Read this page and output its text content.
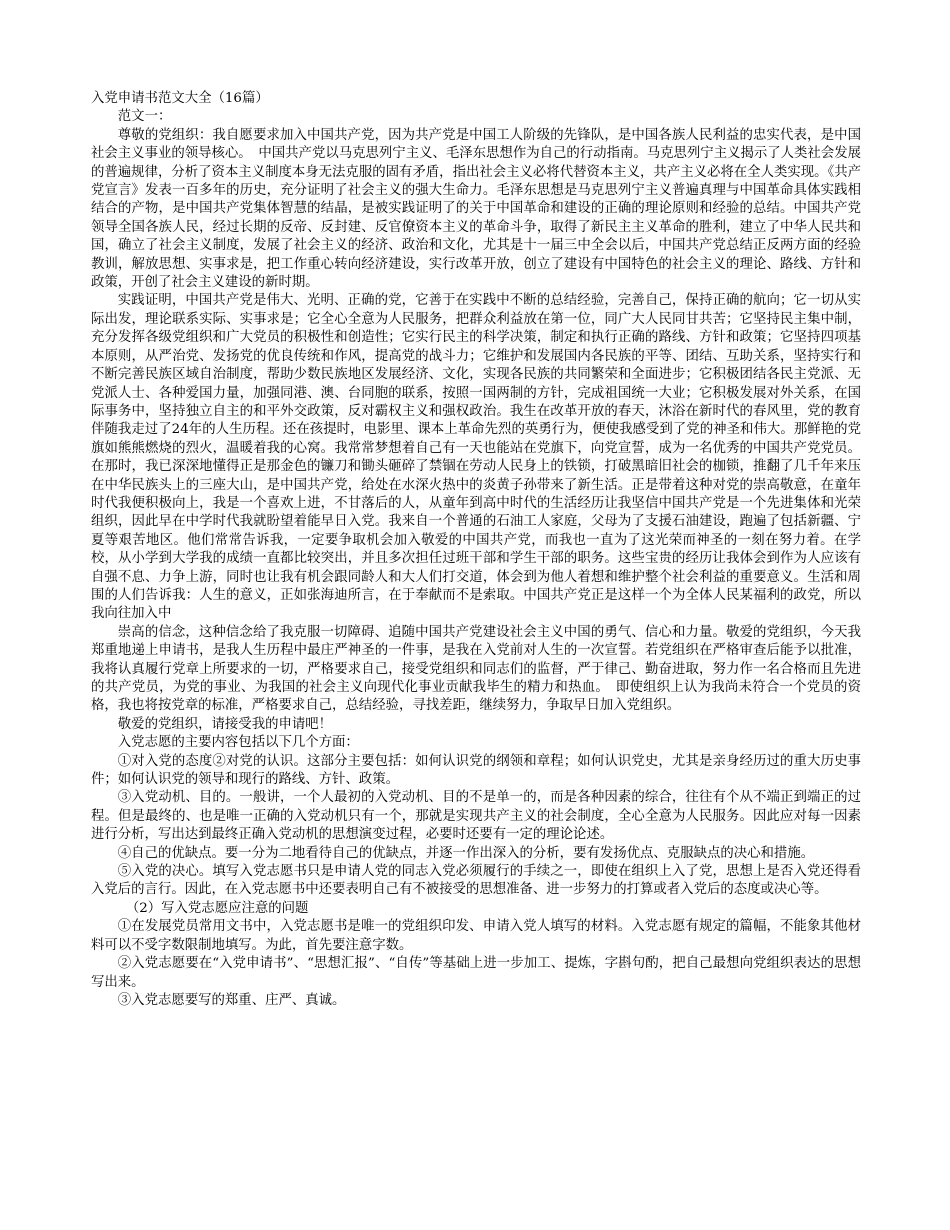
入党申请书范文大全（16篇）

范文一：

尊敬的党组织：我自愿要求加入中国共产党，因为共产党是中国工人阶级的先锋队，是中国各族人民利益的忠实代表，是中国社会主义事业的领导核心。　中国共产党以马克思列宁主义、毛泽东思想作为自己的行动指南。马克思列宁主义揭示了人类社会发展的普遍规律，分析了资本主义制度本身无法克服的固有矛盾，指出社会主义必将代替资本主义，共产主义必将在全人类实现。《共产党宣言》发表一百多年的历史，充分证明了社会主义的强大生命力。毛泽东思想是马克思列宁主义普遍真理与中国革命具体实践相结合的产物，是中国共产党集体智慧的结晶，是被实践证明了的关于中国革命和建设的正确的理论原则和经验的总结。中国共产党领导全国各族人民，经过长期的反帝、反封建、反官僚资本主义的革命斗争，取得了新民主主义革命的胜利，建立了中华人民共和国，确立了社会主义制度，发展了社会主义的经济、政治和文化，尤其是十一届三中全会以后，中国共产党总结正反两方面的经验教训，解放思想、实事求是，把工作重心转向经济建设，实行改革开放，创立了建设有中国特色的社会主义的理论、路线、方针和政策，开创了社会主义建设的新时期。

实践证明，中国共产党是伟大、光明、正确的党，它善于在实践中不断的总结经验，完善自己，保持正确的航向；它一切从实际出发，理论联系实际、实事求是；它全心全意为人民服务，把群众利益放在第一位，同广大人民同甘共苦；它坚持民主集中制，充分发挥各级党组织和广大党员的积极性和创造性；它实行民主的科学决策，制定和执行正确的路线、方针和政策；它坚持四项基本原则，从严治党、发扬党的优良传统和作风，提高党的战斗力；它维护和发展国内各民族的平等、团结、互助关系，坚持实行和不断完善民族区域自治制度，帮助少数民族地区发展经济、文化，实现各民族的共同繁荣和全面进步；它积极团结各民主党派、无党派人士、各种爱国力量，加强同港、澳、台同胞的联系，按照一国两制的方针，完成祖国统一大业；它积极发展对外关系，在国际事务中，坚持独立自主的和平外交政策，反对霸权主义和强权政治。我生在改革开放的春天，沐浴在新时代的春风里，党的教育伴随我走过了24年的人生历程。还在孩提时，电影里、课本上革命先烈的英勇行为，便使我感受到了党的神圣和伟大。那鲜艳的党旗如熊熊燃烧的烈火，温暖着我的心窝。我常常梦想着自己有一天也能站在党旗下，向党宣誓，成为一名优秀的中国共产党党员。在那时，我已深深地懂得正是那金色的镰刀和锄头砸碎了禁锢在劳动人民身上的铁锁，打破黑暗旧社会的枷锁，推翻了几千年来压在中华民族头上的三座大山，是中国共产党，给处在水深火热中的炎黄子孙带来了新生活。正是带着这种对党的崇高敬意，在童年时代我便积极向上，我是一个喜欢上进，不甘落后的人，从童年到高中时代的生活经历让我坚信中国共产党是一个先进集体和光荣组织，因此早在中学时代我就盼望着能早日入党。我来自一个普通的石油工人家庭，父母为了支援石油建设，跑遍了包括新疆、宁夏等艰苦地区。他们常常告诉我，一定要争取机会加入敬爱的中国共产党，而我也一直为了这光荣而神圣的一刻在努力着。在学校，从小学到大学我的成绩一直都比较突出，并且多次担任过班干部和学生干部的职务。这些宝贵的经历让我体会到作为人应该有自强不息、力争上游，同时也让我有机会跟同龄人和大人们打交道，体会到为他人着想和维护整个社会利益的重要意义。生活和周围的人们告诉我：人生的意义，正如张海迪所言，在于奉献而不是索取。中国共产党正是这样一个为全体人民某福利的政党，所以我向往加入中

崇高的信念，这种信念给了我克服一切障碍、追随中国共产党建设社会主义中国的勇气、信心和力量。敬爱的党组织，今天我郑重地递上申请书，是我人生历程中最庄严神圣的一件事，是我在入党前对人生的一次宣誓。若党组织在严格审查后能予以批准，我将认真履行党章上所要求的一切，严格要求自己，接受党组织和同志们的监督，严于律己、勤奋进取，努力作一名合格而且先进的共产党员，为党的事业、为我国的社会主义向现代化事业贡献我毕生的精力和热血。　即使组织上认为我尚未符合一个党员的资格，我也将按党章的标准，严格要求自己，总结经验，寻找差距，继续努力，争取早日加入党组织。

敬爱的党组织，请接受我的申请吧！

入党志愿的主要内容包括以下几个方面：

①对入党的态度②对党的认识。这部分主要包括：如何认识党的纲领和章程；如何认识党史，尤其是亲身经历过的重大历史事件；如何认识党的领导和现行的路线、方针、政策。

③入党动机、目的。一般讲，一个人最初的入党动机、目的不是单一的，而是各种因素的综合，往往有个从不端正到端正的过程。但是最终的、也是唯一正确的入党动机只有一个，那就是实现共产主义的社会制度，全心全意为人民服务。因此应对每一因素进行分析，写出达到最终正确入党动机的思想演变过程，必要时还要有一定的理论论述。

④自己的优缺点。要一分为二地看待自己的优缺点，并逐一作出深入的分析，要有发扬优点、克服缺点的决心和措施。

⑤入党的决心。填写入党志愿书只是申请人党的同志入党必须履行的手续之一，即使在组织上入了党，思想上是否入党还得看入党后的言行。因此，在入党志愿书中还要表明自己有不被接受的思想准备、进一步努力的打算或者入党后的态度或决心等。

（2）写入党志愿应注意的问题

①在发展党员常用文书中，入党志愿书是唯一的党组织印发、申请入党人填写的材料。入党志愿有规定的篇幅，不能象其他材料可以不受字数限制地填写。为此，首先要注意字数。

②入党志愿要在“入党申请书”、“思想汇报”、“自传”等基础上进一步加工、提炼，字斟句酌，把自己最想向党组织表达的思想写出来。

③入党志愿要写的郑重、庄严、真诚。
